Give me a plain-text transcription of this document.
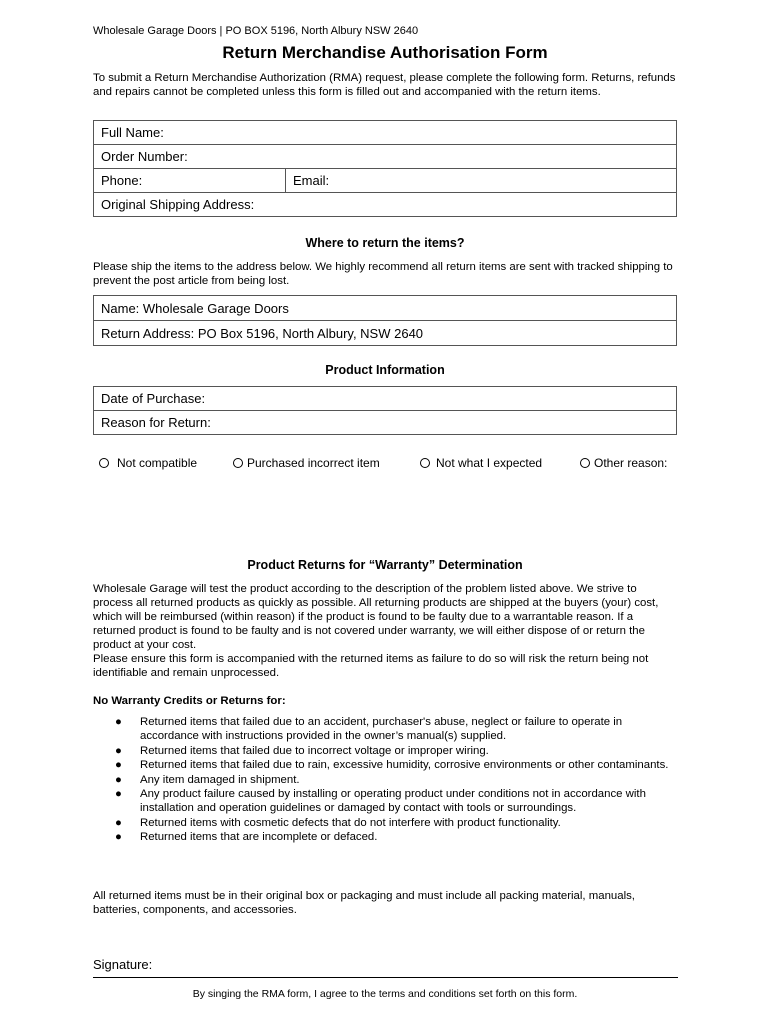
Wholesale Garage Doors | PO BOX 5196, North Albury NSW 2640
Return Merchandise Authorisation Form
To submit a Return Merchandise Authorization (RMA) request, please complete the following form. Returns, refunds and repairs cannot be completed unless this form is filled out and accompanied with the return items.
Full Name:
Order Number:
Phone:	Email:
Original Shipping Address:
Where to return the items?
Please ship the items to the address below. We highly recommend all return items are sent with tracked shipping to prevent the post article from being lost.
Name: Wholesale Garage Doors
Return Address: PO Box 5196, North Albury, NSW 2640
Product Information
Date of Purchase:

Reason for Return:
Not compatible	Purchased incorrect item	Not what I expected	Other reason:
Product Returns for “Warranty” Determination
Wholesale Garage will test the product according to the description of the problem listed above. We strive to process all returned products as quickly as possible. All returning products are shipped at the buyers (your) cost, which will be reimbursed (within reason) if the product is found to be faulty due to a warrantable reason. If a returned product is found to be faulty and is not covered under warranty, we will either dispose of or return the product at your cost.
Please ensure this form is accompanied with the returned items as failure to do so will risk the return being not identifiable and remain unprocessed.
No Warranty Credits or Returns for:
● Returned items that failed due to an accident, purchaser's abuse, neglect or failure to operate in accordance with instructions provided in the owner’s manual(s) supplied.
● Returned items that failed due to incorrect voltage or improper wiring.
● Returned items that failed due to rain, excessive humidity, corrosive environments or other contaminants.
● Any item damaged in shipment.
● Any product failure caused by installing or operating product under conditions not in accordance with installation and operation guidelines or damaged by contact with tools or surroundings.
● Returned items with cosmetic defects that do not interfere with product functionality.
● Returned items that are incomplete or defaced.
All returned items must be in their original box or packaging and must include all packing material, manuals, batteries, components, and accessories.
Signature:
By singing the RMA form, I agree to the terms and conditions set forth on this form.
